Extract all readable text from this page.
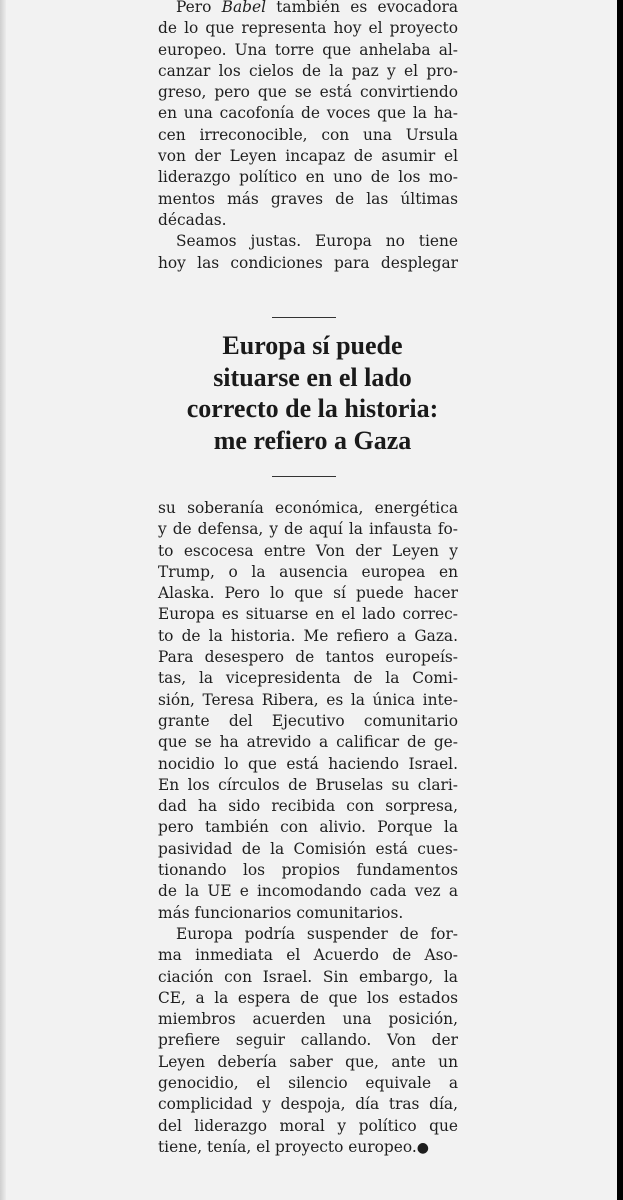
Pero Babel también es evocadora
de lo que representa hoy el proyecto
europeo. Una torre que anhelaba al-
canzar los cielos de la paz y el pro-
greso, pero que se está convirtiendo
en una cacofonía de voces que la ha-
cen irreconocible, con una Ursula
von der Leyen incapaz de asumir el
liderazgo político en uno de los mo-
mentos más graves de las últimas
décadas.
Seamos justas. Europa no tiene
hoy las condiciones para desplegar
Europa sí puede
situarse en el lado
correcto de la historia:
me refiero a Gaza
su soberanía económica, energética
y de defensa, y de aquí la infausta fo-
to escocesa entre Von der Leyen y
Trump, o la ausencia europea en
Alaska. Pero lo que sí puede hacer
Europa es situarse en el lado correc-
to de la historia. Me refiero a Gaza.
Para desespero de tantos europeís-
tas, la vicepresidenta de la Comi-
sión, Teresa Ribera, es la única inte-
grante del Ejecutivo comunitario
que se ha atrevido a calificar de ge-
nocidio lo que está haciendo Israel.
En los círculos de Bruselas su clari-
dad ha sido recibida con sorpresa,
pero también con alivio. Porque la
pasividad de la Comisión está cues-
tionando los propios fundamentos
de la UE e incomodando cada vez a
más funcionarios comunitarios.
Europa podría suspender de for-
ma inmediata el Acuerdo de Aso-
ciación con Israel. Sin embargo, la
CE, a la espera de que los estados
miembros acuerden una posición,
prefiere seguir callando. Von der
Leyen debería saber que, ante un
genocidio, el silencio equivale a
complicidad y despoja, día tras día,
del liderazgo moral y político que
tiene, tenía, el proyecto europeo.●
